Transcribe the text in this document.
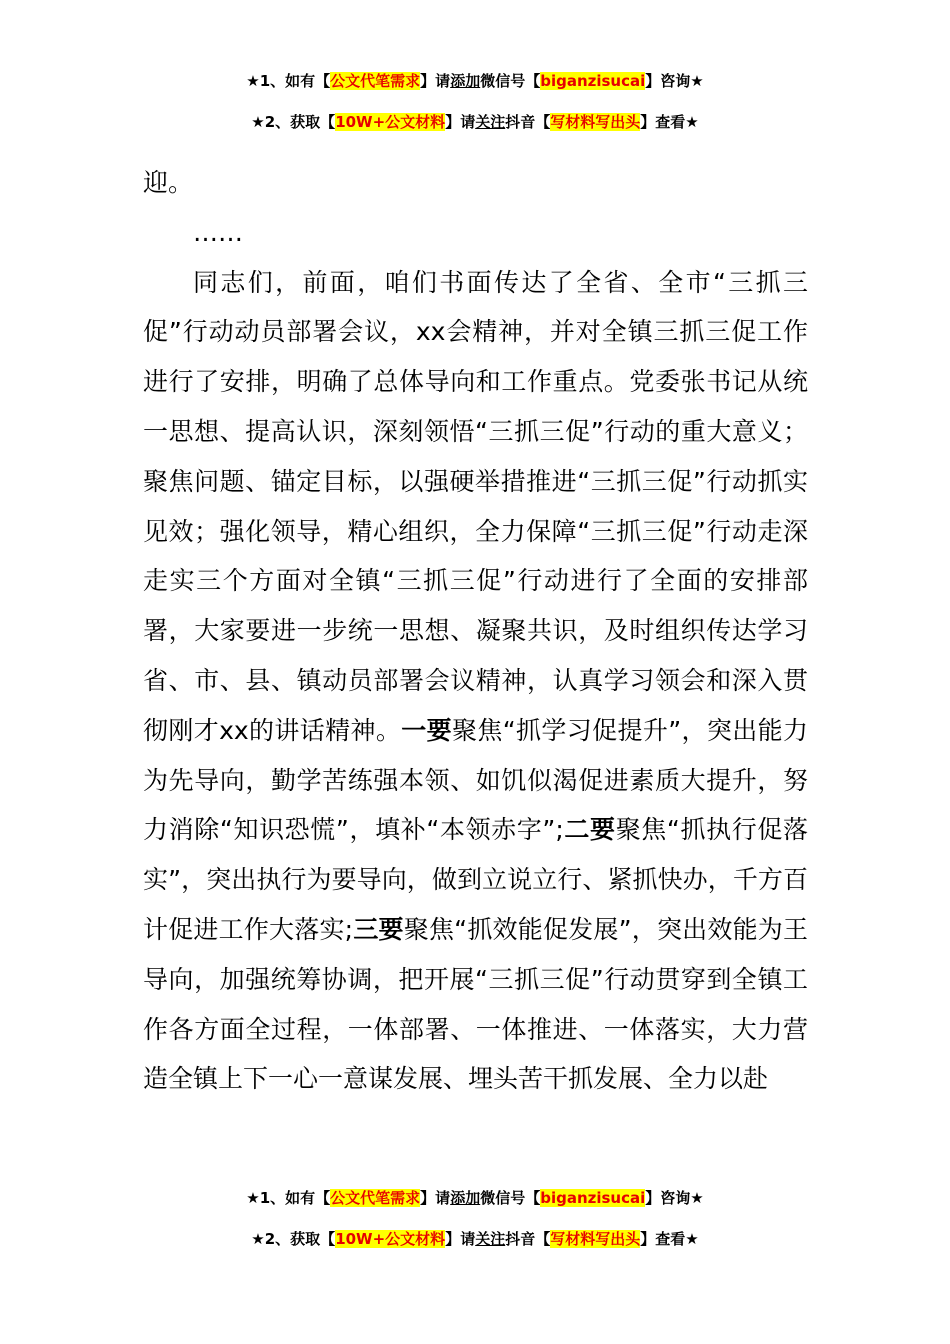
★1、如有【公文代笔需求】请添加微信号【biganzisucai】咨询★
★2、获取【10W+公文材料】请关注抖音【写材料写出头】查看★

迎。

……

同志们，前面，咱们书面传达了全省、全市“三抓三促”行动动员部署会议，xx会精神，并对全镇三抓三促工作进行了安排，明确了总体导向和工作重点。党委张书记从统一思想、提高认识，深刻领悟“三抓三促”行动的重大意义；聚焦问题、锚定目标，以强硬举措推进“三抓三促”行动抓实见效；强化领导，精心组织，全力保障“三抓三促”行动走深走实三个方面对全镇“三抓三促”行动进行了全面的安排部署，大家要进一步统一思想、凝聚共识，及时组织传达学习省、市、县、镇动员部署会议精神，认真学习领会和深入贯彻刚才xx的讲话精神。一要聚焦“抓学习促提升”，突出能力为先导向，勤学苦练强本领、如饥似渴促进素质大提升，努力消除“知识恐慌”，填补“本领赤字”;二要聚焦“抓执行促落实”，突出执行为要导向，做到立说立行、紧抓快办，千方百计促进工作大落实;三要聚焦“抓效能促发展”，突出效能为王导向，加强统筹协调，把开展“三抓三促”行动贯穿到全镇工作各方面全过程，一体部署、一体推进、一体落实，大力营造全镇上下一心一意谋发展、埋头苦干抓发展、全力以赴

★1、如有【公文代笔需求】请添加微信号【biganzisucai】咨询★
★2、获取【10W+公文材料】请关注抖音【写材料写出头】查看★
